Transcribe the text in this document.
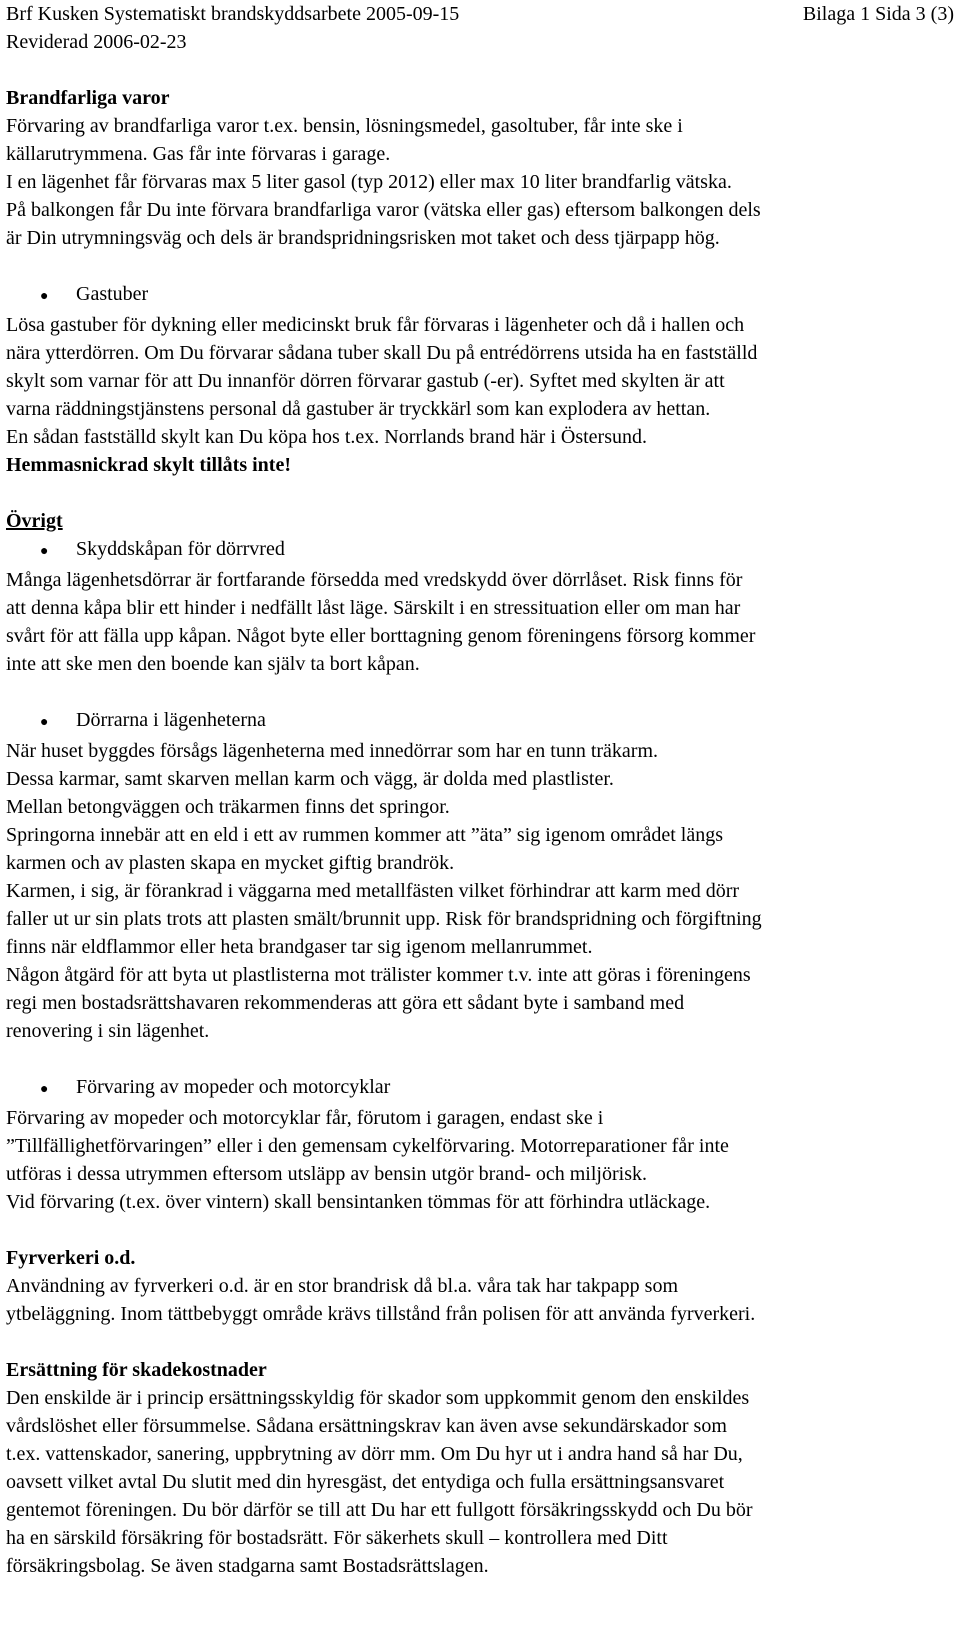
Brf Kusken Systematiskt brandskyddsarbete 2005-09-15	Bilaga 1 Sida 3 (3)
Reviderad 2006-02-23

Brandfarliga varor

Förvaring av brandfarliga varor t.ex. bensin, lösningsmedel, gasoltuber, får inte ske i

källarutrymmena. Gas får inte förvaras i garage.

I en lägenhet får förvaras max 5 liter gasol (typ 2012) eller max 10 liter brandfarlig vätska.

På balkongen får Du inte förvara brandfarliga varor (vätska eller gas) eftersom balkongen dels

är Din utrymningsväg och dels är brandspridningsrisken mot taket och dess tjärpapp hög.

●	Gastuber

Lösa gastuber för dykning eller medicinskt bruk får förvaras i lägenheter och då i hallen och

nära ytterdörren. Om Du förvarar sådana tuber skall Du på entrédörrens utsida ha en fastställd

skylt som varnar för att Du innanför dörren förvarar gastub (-er). Syftet med skylten är att

varna räddningstjänstens personal då gastuber är tryckkärl som kan explodera av hettan.

En sådan fastställd skylt kan Du köpa hos t.ex. Norrlands brand här i Östersund.

Hemmasnickrad skylt tillåts inte!

Övrigt

●	Skyddskåpan för dörrvred

Många lägenhetsdörrar är fortfarande försedda med vredskydd över dörrlåset. Risk finns för

att denna kåpa blir ett hinder i nedfällt låst läge. Särskilt i en stressituation eller om man har

svårt för att fälla upp kåpan. Något byte eller borttagning genom föreningens försorg kommer

inte att ske men den boende kan själv ta bort kåpan.

●	Dörrarna i lägenheterna

När huset byggdes försågs lägenheterna med innedörrar som har en tunn träkarm.

Dessa karmar, samt skarven mellan karm och vägg, är dolda med plastlister.

Mellan betongväggen och träkarmen finns det springor.

Springorna innebär att en eld i ett av rummen kommer att ”äta” sig igenom området längs

karmen och av plasten skapa en mycket giftig brandrök.

Karmen, i sig, är förankrad i väggarna med metallfästen vilket förhindrar att karm med dörr

faller ut ur sin plats trots att plasten smält/brunnit upp. Risk för brandspridning och förgiftning

finns när eldflammor eller heta brandgaser tar sig igenom mellanrummet.

Någon åtgärd för att byta ut plastlisterna mot trälister kommer t.v. inte att göras i föreningens

regi men bostadsrättshavaren rekommenderas att göra ett sådant byte i samband med

renovering i sin lägenhet.

●	Förvaring av mopeder och motorcyklar

Förvaring av mopeder och motorcyklar får, förutom i garagen, endast ske i

”Tillfällighetförvaringen” eller i den gemensam cykelförvaring. Motorreparationer får inte

utföras i dessa utrymmen eftersom utsläpp av bensin utgör brand- och miljörisk.

Vid förvaring (t.ex. över vintern) skall bensintanken tömmas för att förhindra utläckage.

Fyrverkeri o.d.

Användning av fyrverkeri o.d. är en stor brandrisk då bl.a. våra tak har takpapp som

ytbeläggning. Inom tättbebyggt område krävs tillstånd från polisen för att använda fyrverkeri.

Ersättning för skadekostnader

Den enskilde är i princip ersättningsskyldig för skador som uppkommit genom den enskildes

vårdslöshet eller försummelse. Sådana ersättningskrav kan även avse sekundärskador som

t.ex. vattenskador, sanering, uppbrytning av dörr mm. Om Du hyr ut i andra hand så har Du,

oavsett vilket avtal Du slutit med din hyresgäst, det entydiga och fulla ersättningsansvaret

gentemot föreningen. Du bör därför se till att Du har ett fullgott försäkringsskydd och Du bör

ha en särskild försäkring för bostadsrätt. För säkerhets skull – kontrollera med Ditt

försäkringsbolag. Se även stadgarna samt Bostadsrättslagen.
